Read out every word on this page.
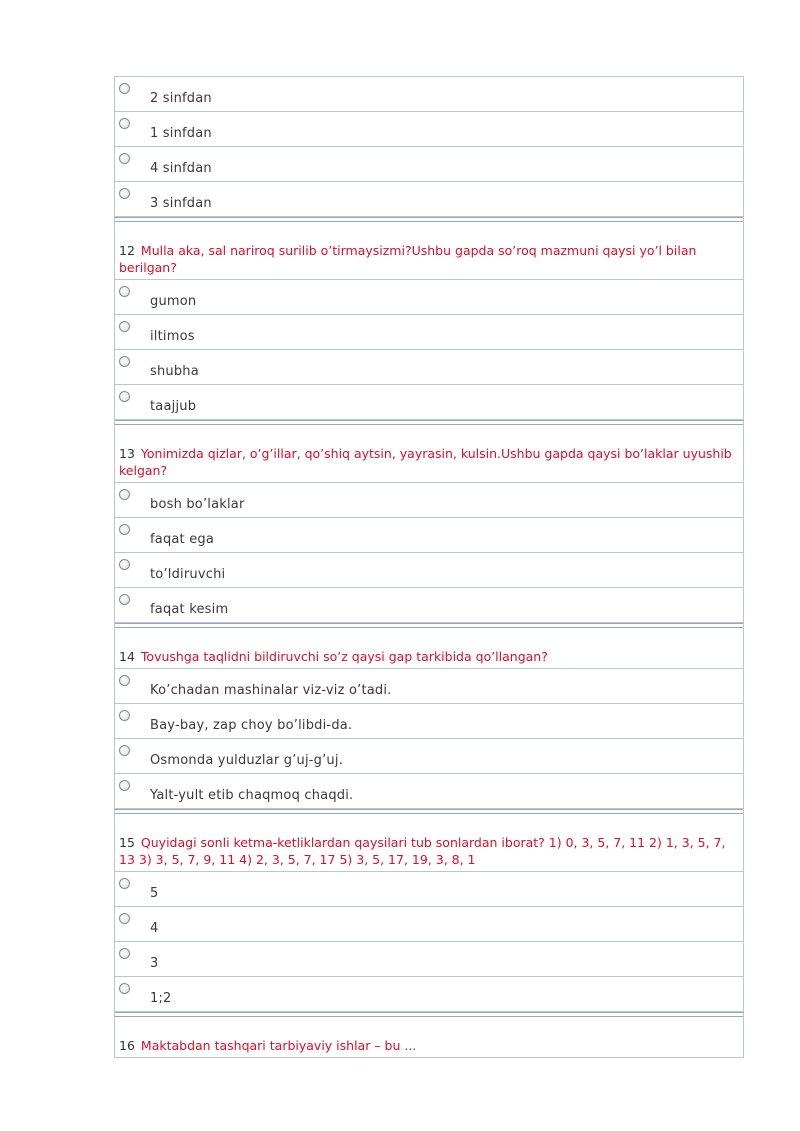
2 sinfdan
1 sinfdan
4 sinfdan
3 sinfdan
12 Mulla aka, sal nariroq surilib o’tirmaysizmi?Ushbu gapda so’roq mazmuni qaysi yo’l bilan berilgan?
gumon
iltimos
shubha
taajjub
13 Yonimizda qizlar, o’g’illar, qo’shiq aytsin, yayrasin, kulsin.Ushbu gapda qaysi bo’laklar uyushib kelgan?
bosh bo’laklar
faqat ega
to’ldiruvchi
faqat kesim
14 Tovushga taqlidni bildiruvchi so’z qaysi gap tarkibida qo’llangan?
Ko’chadan mashinalar viz-viz o’tadi.
Bay-bay, zap choy bo’libdi-da.
Osmonda yulduzlar g’uj-g’uj.
Yalt-yult etib chaqmoq chaqdi.
15 Quyidagi sonli ketma-ketliklardan qaysilari tub sonlardan iborat? 1) 0, 3, 5, 7, 11 2) 1, 3, 5, 7, 13 3) 3, 5, 7, 9, 11 4) 2, 3, 5, 7, 17 5) 3, 5, 17, 19, 3, 8, 1
5
4
3
1;2
16 Maktabdan tashqari tarbiyaviy ishlar – bu ...
